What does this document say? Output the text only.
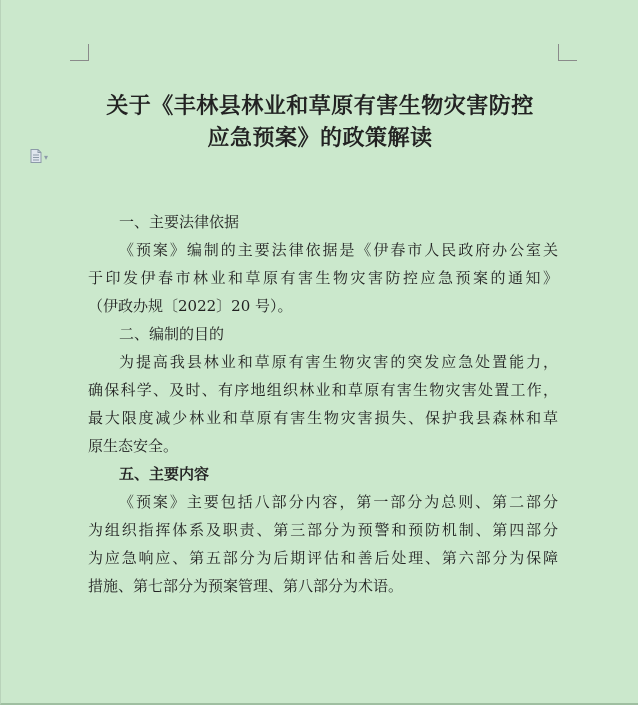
▾
关于《丰林县林业和草原有害生物灾害防控
应急预案》的政策解读
一、主要法律依据
《预案》编制的主要法律依据是《伊春市人民政府办公室关
于印发伊春市林业和草原有害生物灾害防控应急预案的通知》
（伊政办规〔2022〕20 号）。
二、编制的目的
为提高我县林业和草原有害生物灾害的突发应急处置能力，
确保科学、及时、有序地组织林业和草原有害生物灾害处置工作，
最大限度减少林业和草原有害生物灾害损失、保护我县森林和草
原生态安全。
五、主要内容
《预案》主要包括八部分内容，第一部分为总则、第二部分
为组织指挥体系及职责、第三部分为预警和预防机制、第四部分
为应急响应、第五部分为后期评估和善后处理、第六部分为保障
措施、第七部分为预案管理、第八部分为术语。
